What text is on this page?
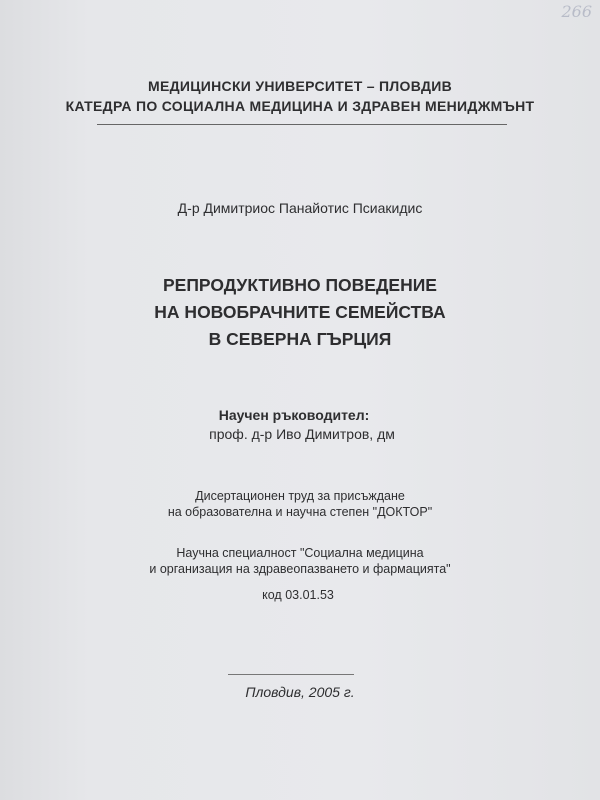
266
МЕДИЦИНСКИ УНИВЕРСИТЕТ – ПЛОВДИВ
КАТЕДРА ПО СОЦИАЛНА МЕДИЦИНА И ЗДРАВЕН МЕНИДЖМЪНТ
Д-р Димитриос Панайотис Псиакидис
РЕПРОДУКТИВНО ПОВЕДЕНИЕ
НА НОВОБРАЧНИТЕ СЕМЕЙСТВА
В СЕВЕРНА ГЪРЦИЯ
Научен ръководител:
проф. д-р Иво Димитров, дм
Дисертационен труд за присъждане
на образователна и научна степен "ДОКТОР"
Научна специалност "Социална медицина
и организация на здравеопазването и фармацията"
код 03.01.53
Пловдив, 2005 г.
